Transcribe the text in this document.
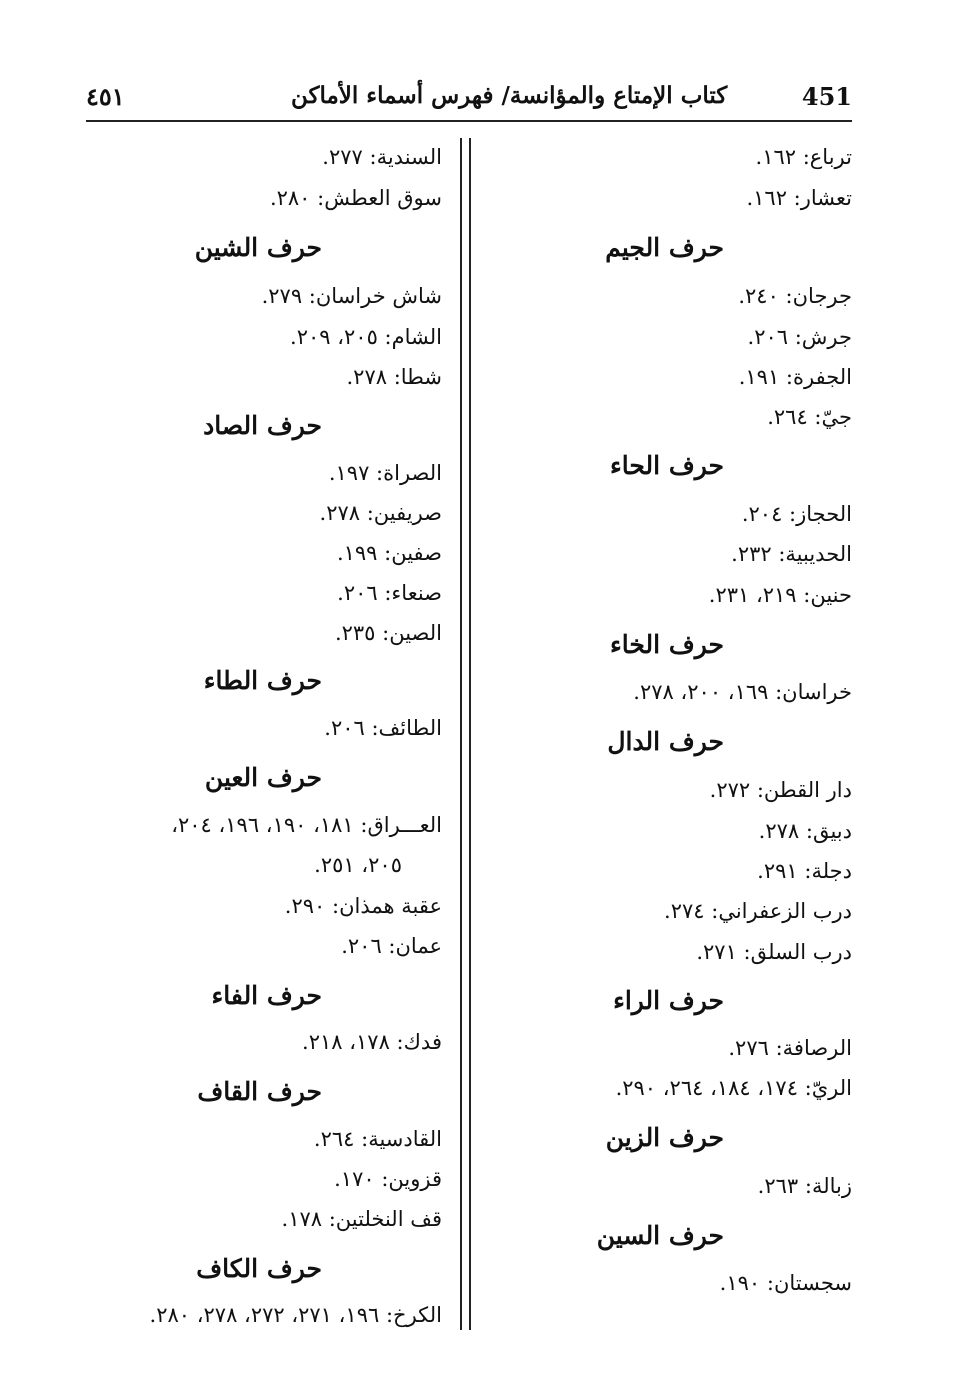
451
كتاب الإمتاع والمؤانسة/ فهرس أسماء الأماكن
٤٥١
ترباع: ١٦٢.
تعشار: ١٦٢.
حرف الجيم
جرجان: ٢٤٠.
جرش: ٢٠٦.
الجفرة: ١٩١.
جيّ: ٢٦٤.
حرف الحاء
الحجاز: ٢٠٤.
الحديبية: ٢٣٢.
حنين: ٢١٩، ٢٣١.
حرف الخاء
خراسان: ١٦٩، ٢٠٠، ٢٧٨.
حرف الدال
دار القطن: ٢٧٢.
دبيق: ٢٧٨.
دجلة: ٢٩١.
درب الزعفراني: ٢٧٤.
درب السلق: ٢٧١.
حرف الراء
الرصافة: ٢٧٦.
الريّ: ١٧٤، ١٨٤، ٢٦٤، ٢٩٠.
حرف الزين
زبالة: ٢٦٣.
حرف السين
سجستان: ١٩٠.
السندية: ٢٧٧.
سوق العطش: ٢٨٠.
حرف الشين
شاش خراسان: ٢٧٩.
الشام: ٢٠٥، ٢٠٩.
شطا: ٢٧٨.
حرف الصاد
الصراة: ١٩٧.
صريفين: ٢٧٨.
صفين: ١٩٩.
صنعاء: ٢٠٦.
الصين: ٢٣٥.
حرف الطاء
الطائف: ٢٠٦.
حرف العين
العـــراق: ١٨١، ١٩٠، ١٩٦، ٢٠٤،
٢٠٥، ٢٥١.
عقبة همذان: ٢٩٠.
عمان: ٢٠٦.
حرف الفاء
فدك: ١٧٨، ٢١٨.
حرف القاف
القادسية: ٢٦٤.
قزوين: ١٧٠.
قف النخلتين: ١٧٨.
حرف الكاف
الكرخ: ١٩٦، ٢٧١، ٢٧٢، ٢٧٨، ٢٨٠.
